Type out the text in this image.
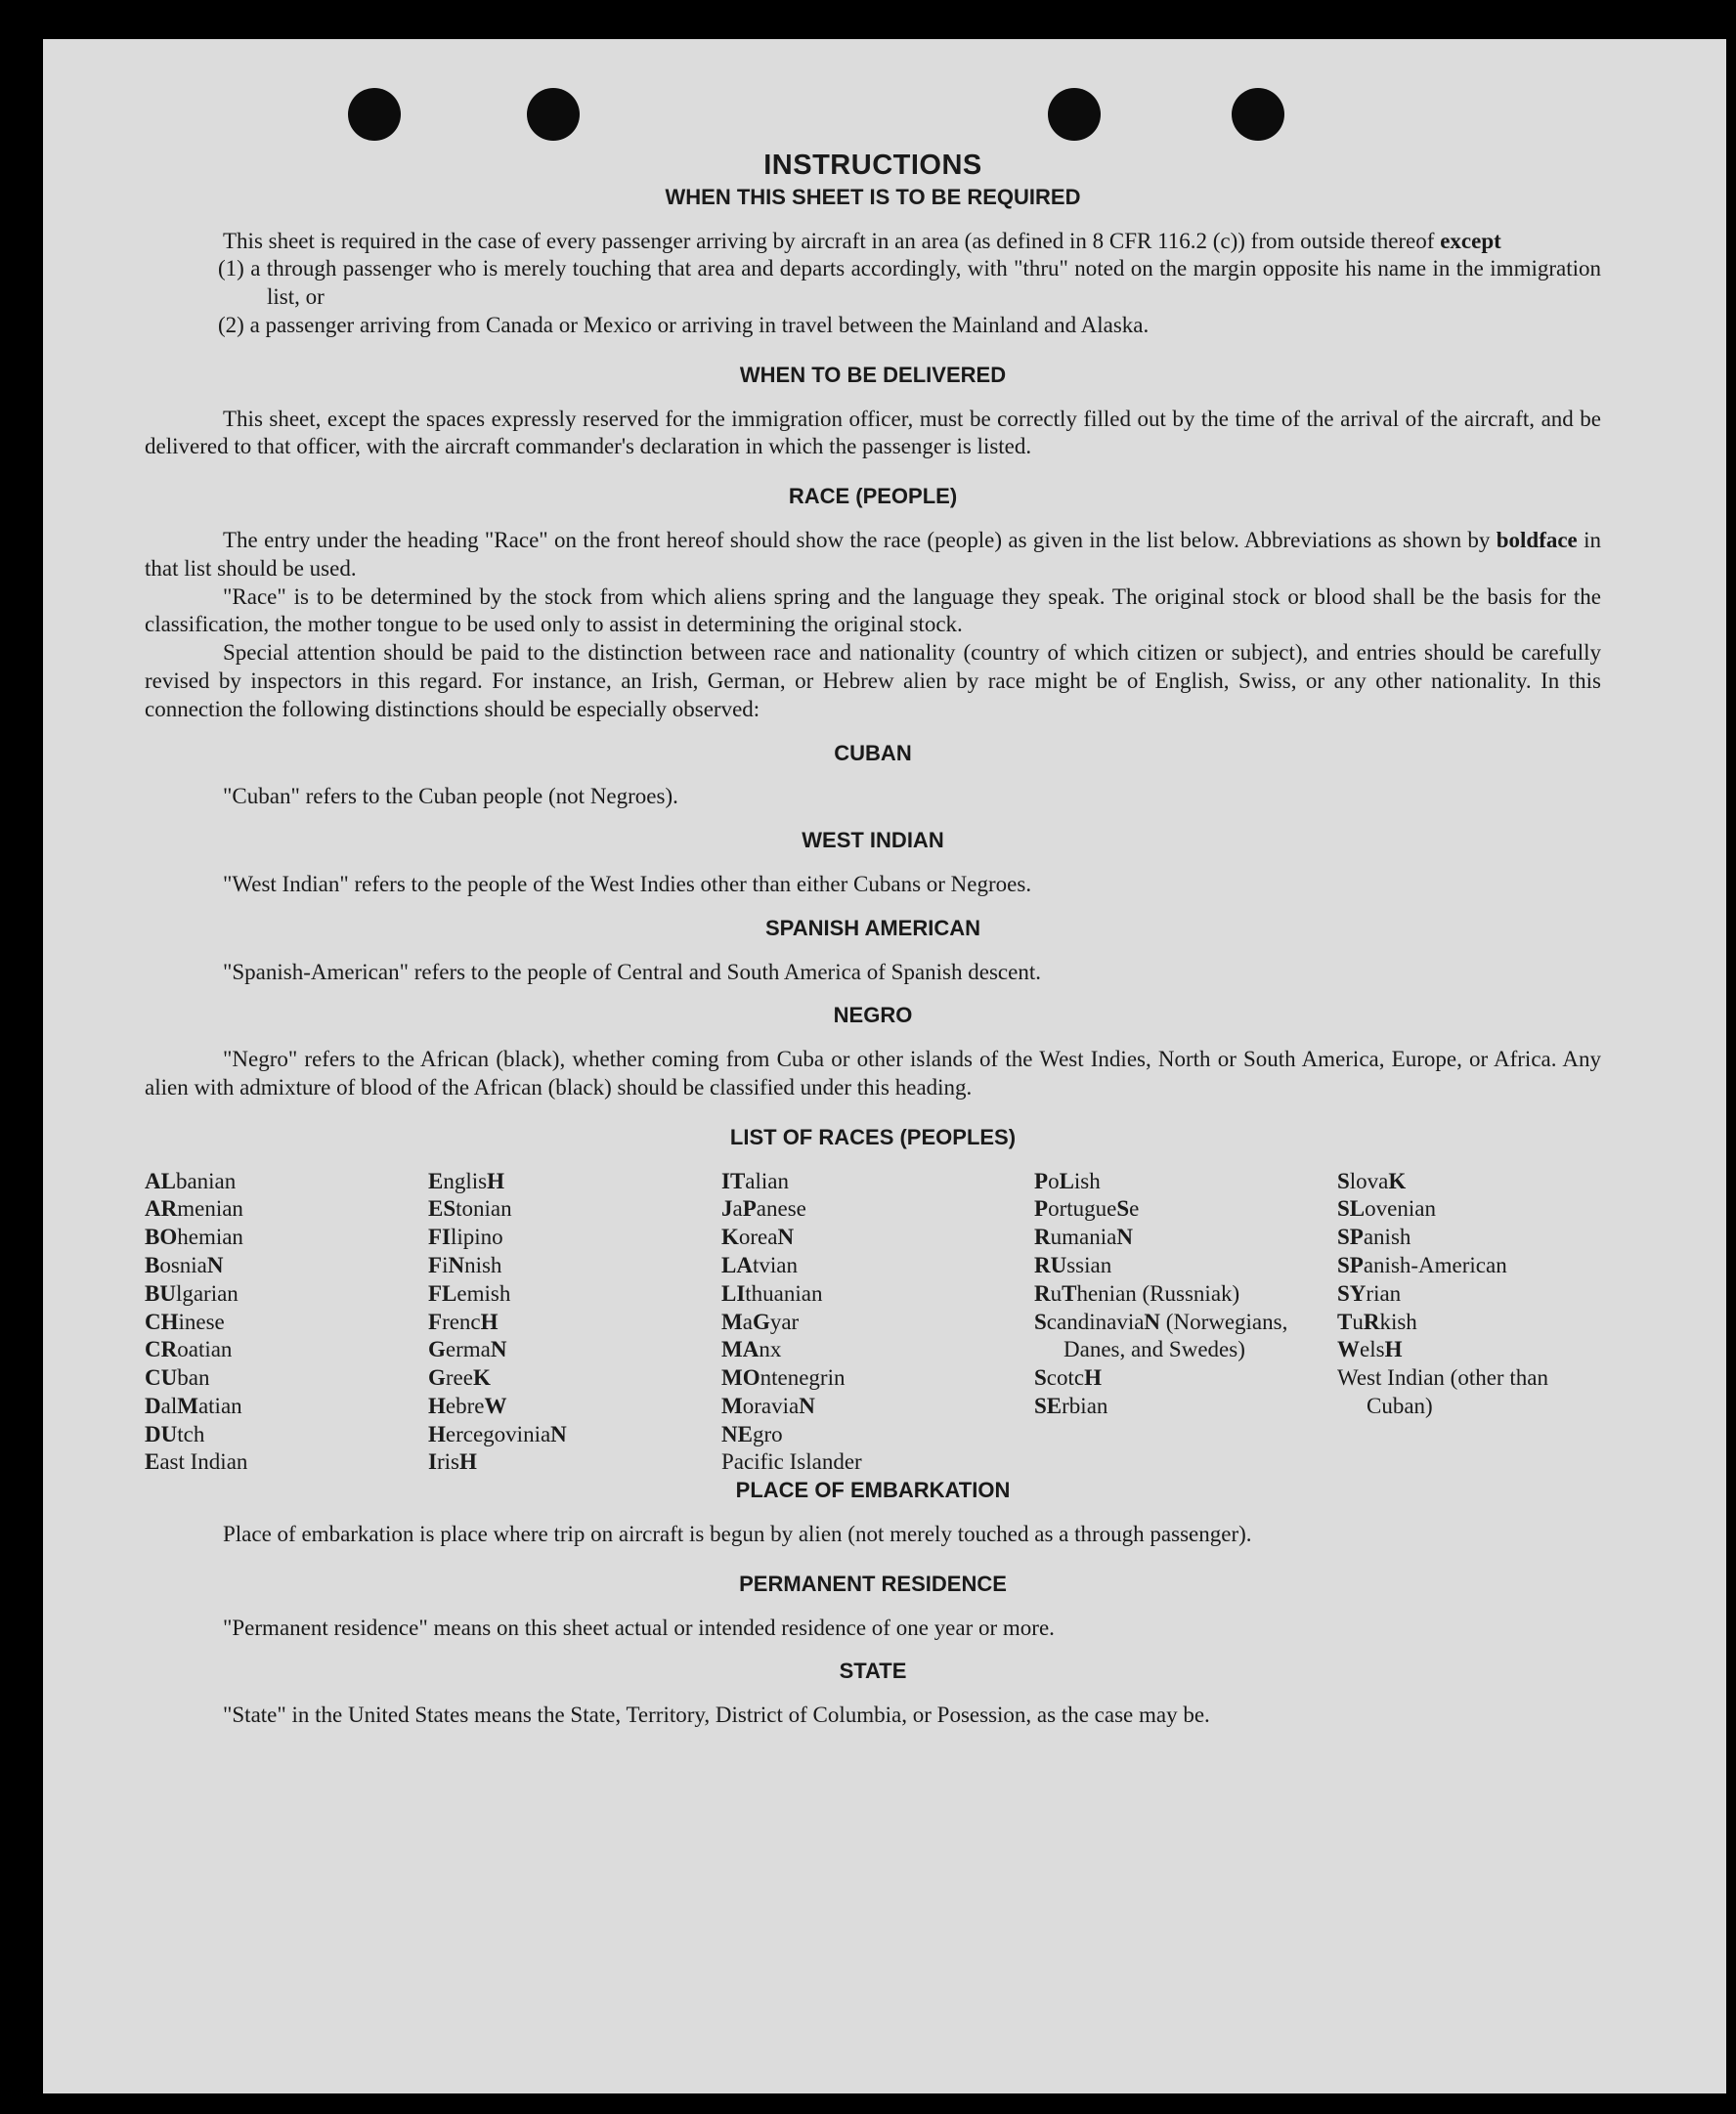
INSTRUCTIONS
WHEN THIS SHEET IS TO BE REQUIRED

This sheet is required in the case of every passenger arriving by aircraft in an area (as defined in 8 CFR 116.2 (c)) from outside thereof except

(1) a through passenger who is merely touching that area and departs accordingly, with "thru" noted on the margin opposite his name in the immigration list, or

(2) a passenger arriving from Canada or Mexico or arriving in travel between the Mainland and Alaska.

WHEN TO BE DELIVERED

This sheet, except the spaces expressly reserved for the immigration officer, must be correctly filled out by the time of the arrival of the aircraft, and be delivered to that officer, with the aircraft commander's declaration in which the passenger is listed.

RACE (PEOPLE)

The entry under the heading "Race" on the front hereof should show the race (people) as given in the list below. Abbreviations as shown by boldface in that list should be used.

"Race" is to be determined by the stock from which aliens spring and the language they speak. The original stock or blood shall be the basis for the classification, the mother tongue to be used only to assist in determining the original stock.

Special attention should be paid to the distinction between race and nationality (country of which citizen or subject), and entries should be carefully revised by inspectors in this regard. For instance, an Irish, German, or Hebrew alien by race might be of English, Swiss, or any other nationality. In this connection the following distinctions should be especially observed:

CUBAN

"Cuban" refers to the Cuban people (not Negroes).

WEST INDIAN

"West Indian" refers to the people of the West Indies other than either Cubans or Negroes.

SPANISH AMERICAN

"Spanish-American" refers to the people of Central and South America of Spanish descent.

NEGRO

"Negro" refers to the African (black), whether coming from Cuba or other islands of the West Indies, North or South America, Europe, or Africa. Any alien with admixture of blood of the African (black) should be classified under this heading.

LIST OF RACES (PEOPLES)
ALbanian
ARmenian
BOhemian
BosniaN
BUlgarian
CHinese
CRoatian
CUban
DalMatian
DUtch
East Indian
EnglisH
EStonian
FIlipino
FiNnish
FLemish
FrencH
GermaN
GreeK
HebreW
HercegoviniaN
IrisH
ITalian
JaPanese
KoreaN
LAtvian
LIthuanian
MaGyar
MAnx
MOntenegrin
MoraviaN
NEgro
Pacific Islander
PoLish
PortugueSe
RumaniaN
RUssian
RuThenian (Russniak)
ScandinaviaN (Norwegians, Danes, and Swedes)
ScotcH
SErbian
SlovaK
SLovenian
SPanish
SPanish-American
SYrian
TuRkish
WelsH
West Indian (other than Cuban)
PLACE OF EMBARKATION

Place of embarkation is place where trip on aircraft is begun by alien (not merely touched as a through passenger).

PERMANENT RESIDENCE

"Permanent residence" means on this sheet actual or intended residence of one year or more.

STATE

"State" in the United States means the State, Territory, District of Columbia, or Posession, as the case may be.
